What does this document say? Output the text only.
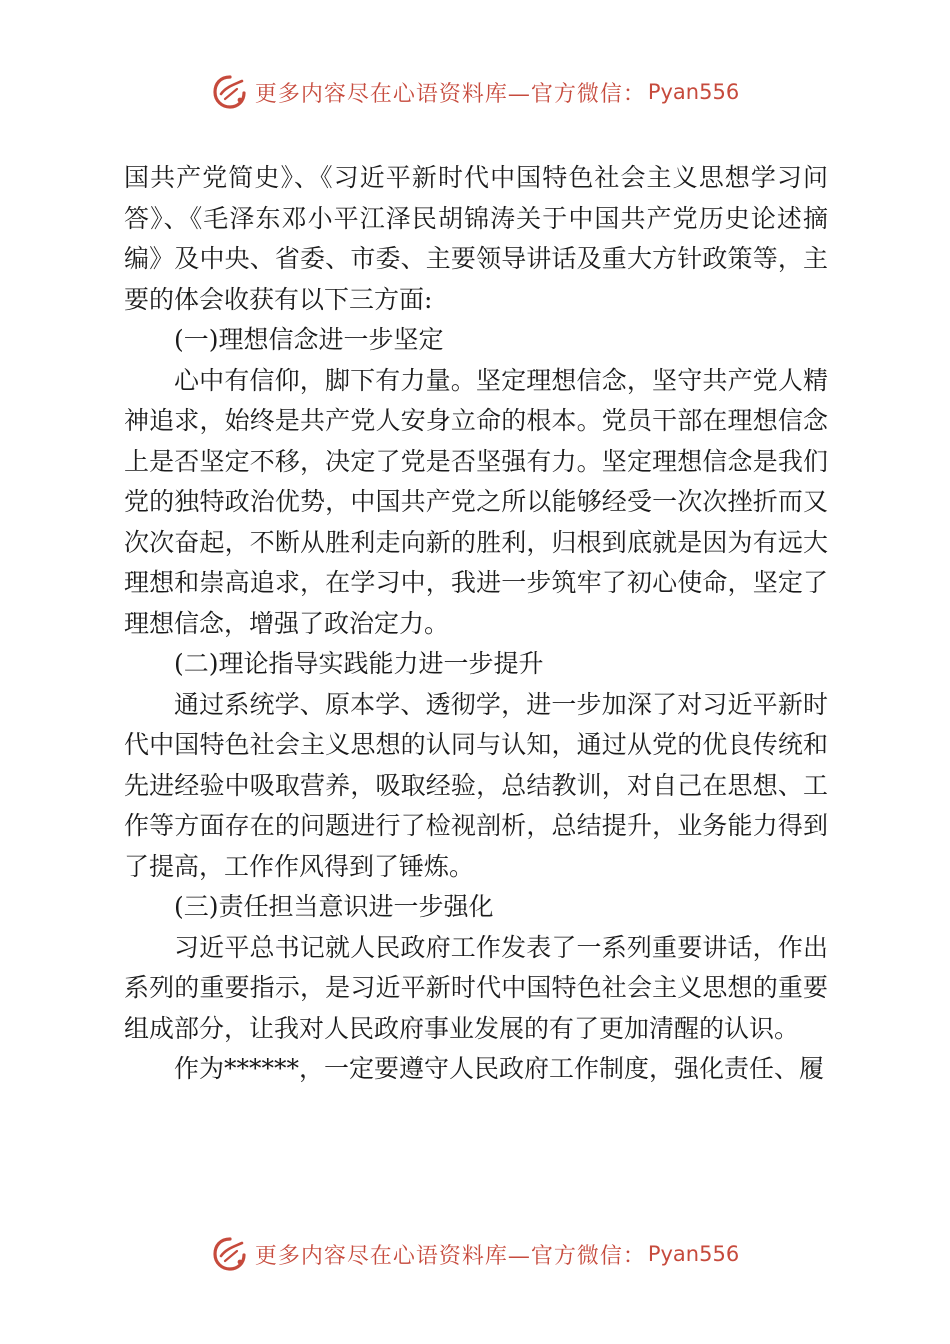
更多内容尽在心语资料库—官方微信： Pyan556

国共产党简史》、《习近平新时代中国特色社会主义思想学习问答》、《毛泽东邓小平江泽民胡锦涛关于中国共产党历史论述摘编》及中央、省委、市委、主要领导讲话及重大方针政策等，主要的体会收获有以下三方面:

(一)理想信念进一步坚定

心中有信仰，脚下有力量。坚定理想信念，坚守共产党人精神追求，始终是共产党人安身立命的根本。党员干部在理想信念上是否坚定不移，决定了党是否坚强有力。坚定理想信念是我们党的独特政治优势，中国共产党之所以能够经受一次次挫折而又次次奋起，不断从胜利走向新的胜利，归根到底就是因为有远大理想和崇高追求，在学习中，我进一步筑牢了初心使命，坚定了理想信念，增强了政治定力。

(二)理论指导实践能力进一步提升

通过系统学、原本学、透彻学，进一步加深了对习近平新时代中国特色社会主义思想的认同与认知，通过从党的优良传统和先进经验中吸取营养，吸取经验，总结教训，对自己在思想、工作等方面存在的问题进行了检视剖析，总结提升，业务能力得到了提高，工作作风得到了锤炼。

(三)责任担当意识进一步强化

习近平总书记就人民政府工作发表了一系列重要讲话，作出系列的重要指示，是习近平新时代中国特色社会主义思想的重要组成部分，让我对人民政府事业发展的有了更加清醒的认识。

作为******，一定要遵守人民政府工作制度，强化责任、履

更多内容尽在心语资料库—官方微信： Pyan556
